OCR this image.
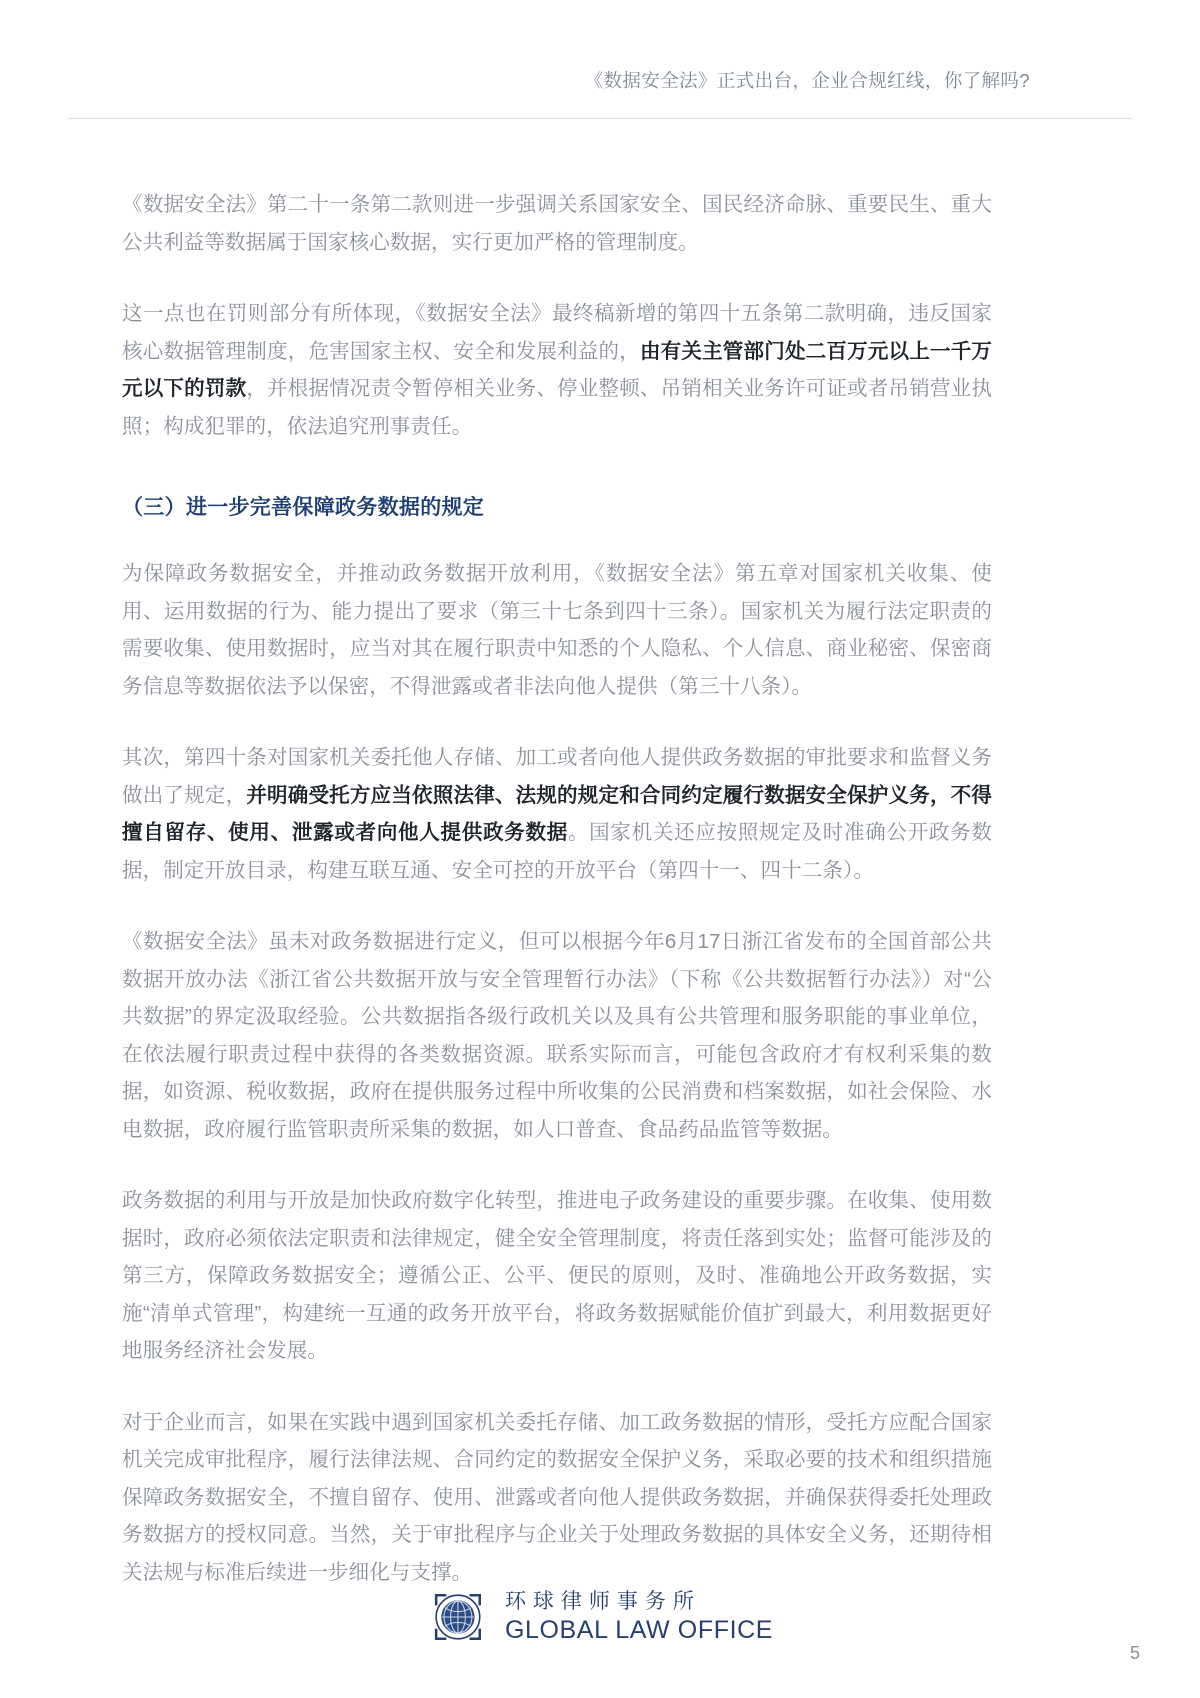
《数据安全法》正式出台，企业合规红线，你了解吗?

《数据安全法》第二十一条第二款则进一步强调关系国家安全、国民经济命脉、重要民生、重大公共利益等数据属于国家核心数据，实行更加严格的管理制度。

这一点也在罚则部分有所体现，《数据安全法》最终稿新增的第四十五条第二款明确，违反国家核心数据管理制度，危害国家主权、安全和发展利益的，由有关主管部门处二百万元以上一千万元以下的罚款，并根据情况责令暂停相关业务、停业整顿、吊销相关业务许可证或者吊销营业执照；构成犯罪的，依法追究刑事责任。

（三）进一步完善保障政务数据的规定

为保障政务数据安全，并推动政务数据开放利用，《数据安全法》第五章对国家机关收集、使用、运用数据的行为、能力提出了要求（第三十七条到四十三条）。国家机关为履行法定职责的需要收集、使用数据时，应当对其在履行职责中知悉的个人隐私、个人信息、商业秘密、保密商务信息等数据依法予以保密，不得泄露或者非法向他人提供（第三十八条）。

其次，第四十条对国家机关委托他人存储、加工或者向他人提供政务数据的审批要求和监督义务做出了规定，并明确受托方应当依照法律、法规的规定和合同约定履行数据安全保护义务，不得擅自留存、使用、泄露或者向他人提供政务数据。国家机关还应按照规定及时准确公开政务数据，制定开放目录，构建互联互通、安全可控的开放平台（第四十一、四十二条）。

《数据安全法》虽未对政务数据进行定义，但可以根据今年6月17日浙江省发布的全国首部公共数据开放办法《浙江省公共数据开放与安全管理暂行办法》（下称《公共数据暂行办法》）对“公共数据”的界定汲取经验。公共数据指各级行政机关以及具有公共管理和服务职能的事业单位，在依法履行职责过程中获得的各类数据资源。联系实际而言，可能包含政府才有权利采集的数据，如资源、税收数据，政府在提供服务过程中所收集的公民消费和档案数据，如社会保险、水电数据，政府履行监管职责所采集的数据，如人口普查、食品药品监管等数据。

政务数据的利用与开放是加快政府数字化转型，推进电子政务建设的重要步骤。在收集、使用数据时，政府必须依法定职责和法律规定，健全安全管理制度，将责任落到实处；监督可能涉及的第三方，保障政务数据安全；遵循公正、公平、便民的原则，及时、准确地公开政务数据，实施“清单式管理”，构建统一互通的政务开放平台，将政务数据赋能价值扩到最大，利用数据更好地服务经济社会发展。

对于企业而言，如果在实践中遇到国家机关委托存储、加工政务数据的情形，受托方应配合国家机关完成审批程序，履行法律法规、合同约定的数据安全保护义务，采取必要的技术和组织措施保障政务数据安全，不擅自留存、使用、泄露或者向他人提供政务数据，并确保获得委托处理政务数据方的授权同意。当然，关于审批程序与企业关于处理政务数据的具体安全义务，还期待相关法规与标准后续进一步细化与支撑。

环球律师事务所
GLOBAL LAW OFFICE
5
